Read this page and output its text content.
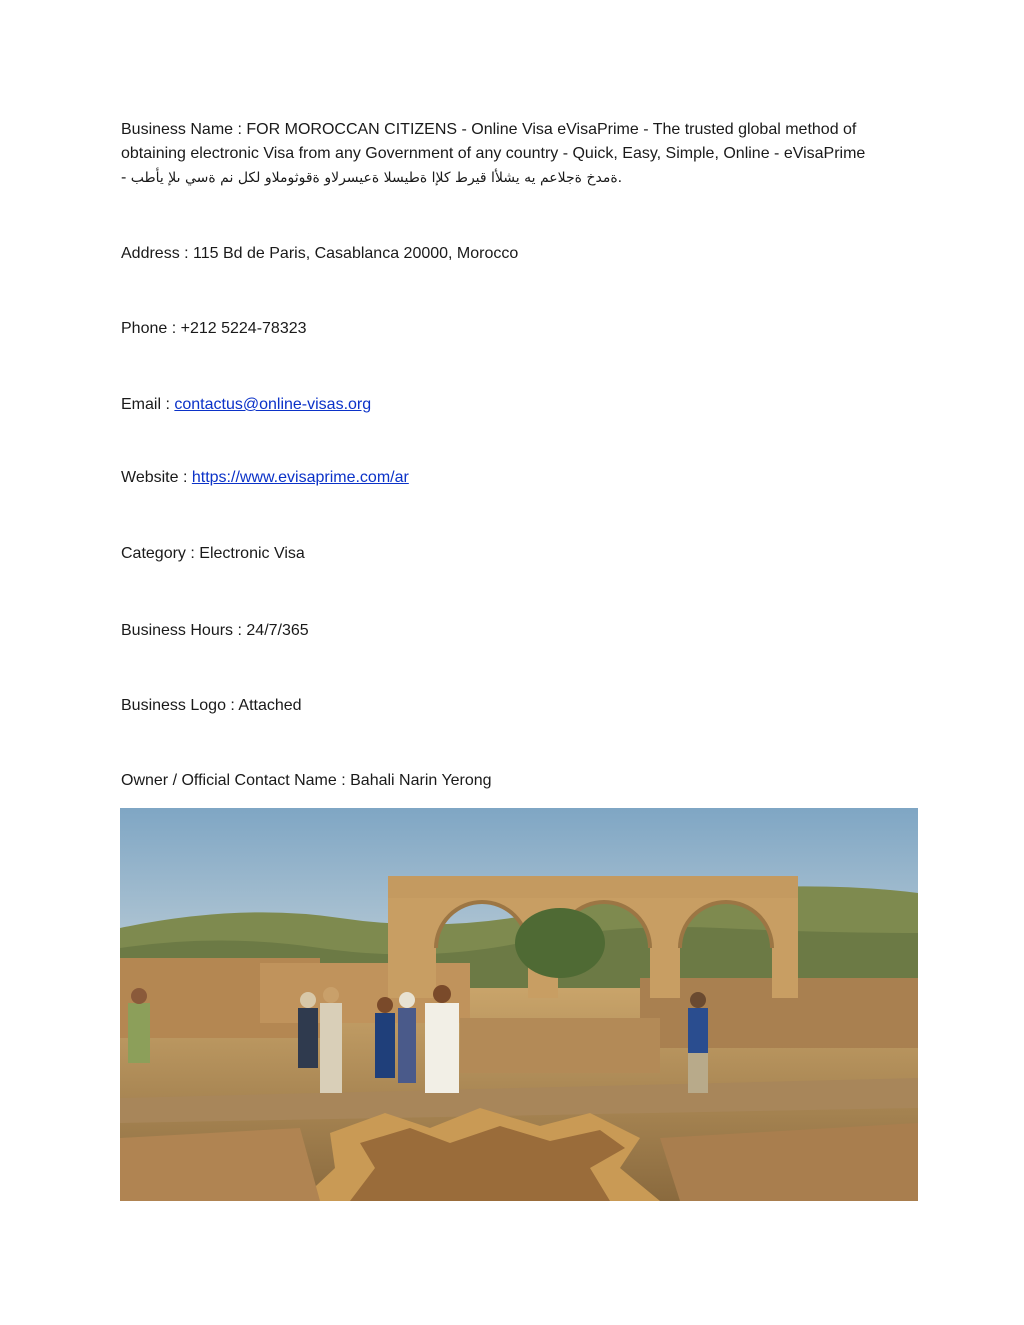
Business Name : FOR MOROCCAN CITIZENS - Online Visa eVisaPrime - The trusted global method of obtaining electronic Visa from any Government of any country - Quick, Easy, Simple, Online - eVisaPrime
- ةمدخ ةجلاعم يه يشلأا قيرط كلإا ةطيسلا ةعيسرلاو ةقوثوملاو لكل نم ةسي ىلإ يأطب.
Address : 115 Bd de Paris, Casablanca 20000, Morocco
Phone : +212 5224-78323
Email : contactus@online-visas.org
Website : https://www.evisaprime.com/ar
Category : Electronic Visa
Business Hours : 24/7/365
Business Logo : Attached
Owner / Official Contact Name : Bahali Narin Yerong
